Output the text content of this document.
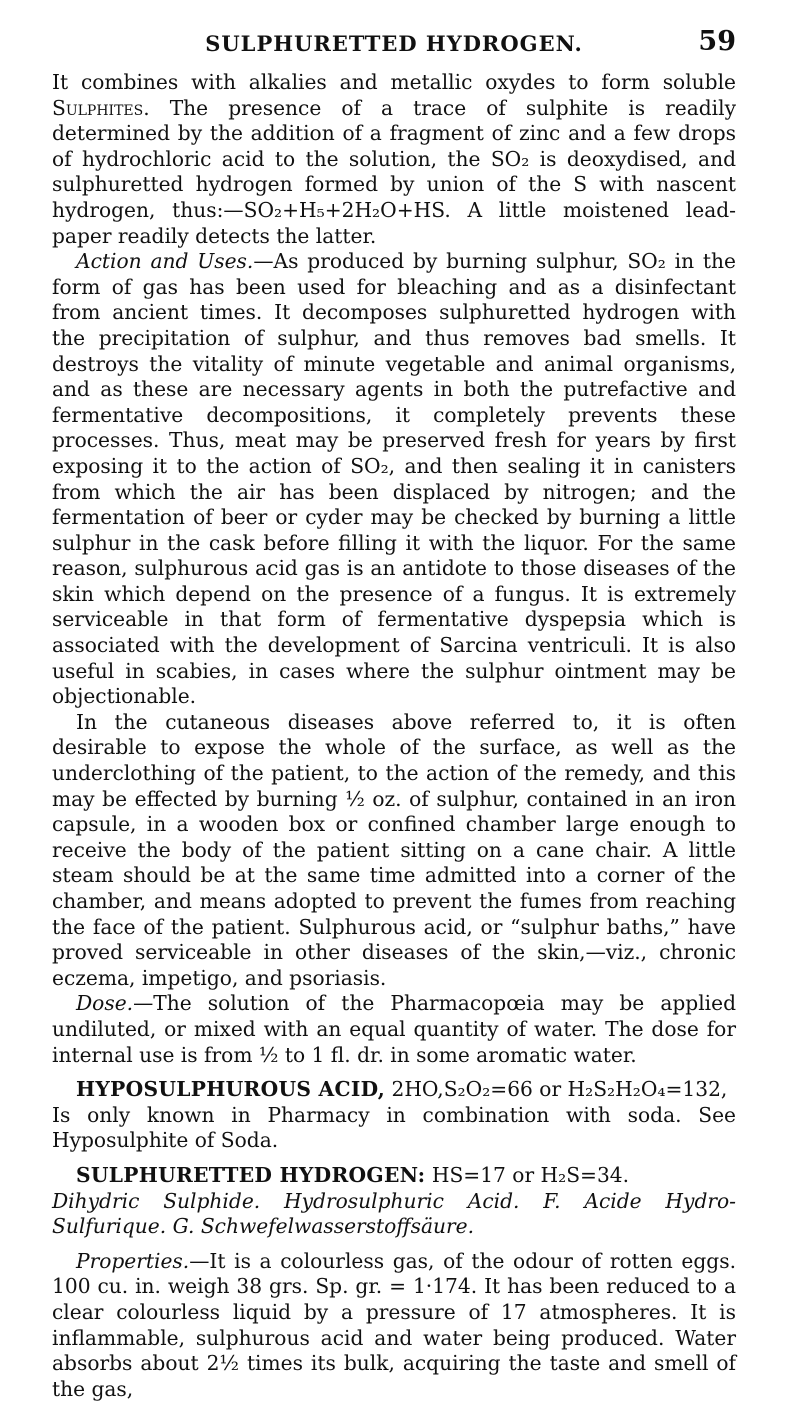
SULPHURETTED HYDROGEN.	59

It combines with alkalies and metallic oxydes to form soluble Sulphites. The presence of a trace of sulphite is readily determined by the addition of a fragment of zinc and a few drops of hydrochloric acid to the solution, the SO₂ is deoxydised, and sulphuretted hydrogen formed by union of the S with nascent hydrogen, thus:—SO₂+H₅+2H₂O+HS. A little moistened lead-paper readily detects the latter.

Action and Uses.—As produced by burning sulphur, SO₂ in the form of gas has been used for bleaching and as a disinfectant from ancient times. It decomposes sulphuretted hydrogen with the precipitation of sulphur, and thus removes bad smells. It destroys the vitality of minute vegetable and animal organisms, and as these are necessary agents in both the putrefactive and fermentative decompositions, it completely prevents these processes. Thus, meat may be preserved fresh for years by first exposing it to the action of SO₂, and then sealing it in canisters from which the air has been displaced by nitrogen; and the fermentation of beer or cyder may be checked by burning a little sulphur in the cask before filling it with the liquor. For the same reason, sulphurous acid gas is an antidote to those diseases of the skin which depend on the presence of a fungus. It is extremely serviceable in that form of fermentative dyspepsia which is associated with the development of Sarcina ventriculi. It is also useful in scabies, in cases where the sulphur ointment may be objectionable.

In the cutaneous diseases above referred to, it is often desirable to expose the whole of the surface, as well as the underclothing of the patient, to the action of the remedy, and this may be effected by burning ½ oz. of sulphur, contained in an iron capsule, in a wooden box or confined chamber large enough to receive the body of the patient sitting on a cane chair. A little steam should be at the same time admitted into a corner of the chamber, and means adopted to prevent the fumes from reaching the face of the patient. Sulphurous acid, or “sulphur baths,” have proved serviceable in other diseases of the skin,—viz., chronic eczema, impetigo, and psoriasis.

Dose.—The solution of the Pharmacopœia may be applied undiluted, or mixed with an equal quantity of water. The dose for internal use is from ½ to 1 fl. dr. in some aromatic water.

HYPOSULPHUROUS ACID, 2HO,S₂O₂=66 or H₂S₂H₂O₄=132,

Is only known in Pharmacy in combination with soda. See Hyposulphite of Soda.

SULPHURETTED HYDROGEN: HS=17 or H₂S=34.

Dihydric Sulphide. Hydrosulphuric Acid. F. Acide Hydro-Sulfurique. G. Schwefelwasserstoffsäure.

Properties.—It is a colourless gas, of the odour of rotten eggs. 100 cu. in. weigh 38 grs. Sp. gr. = 1·174. It has been reduced to a clear colourless liquid by a pressure of 17 atmospheres. It is inflammable, sulphurous acid and water being produced. Water absorbs about 2½ times its bulk, acquiring the taste and smell of the gas,
